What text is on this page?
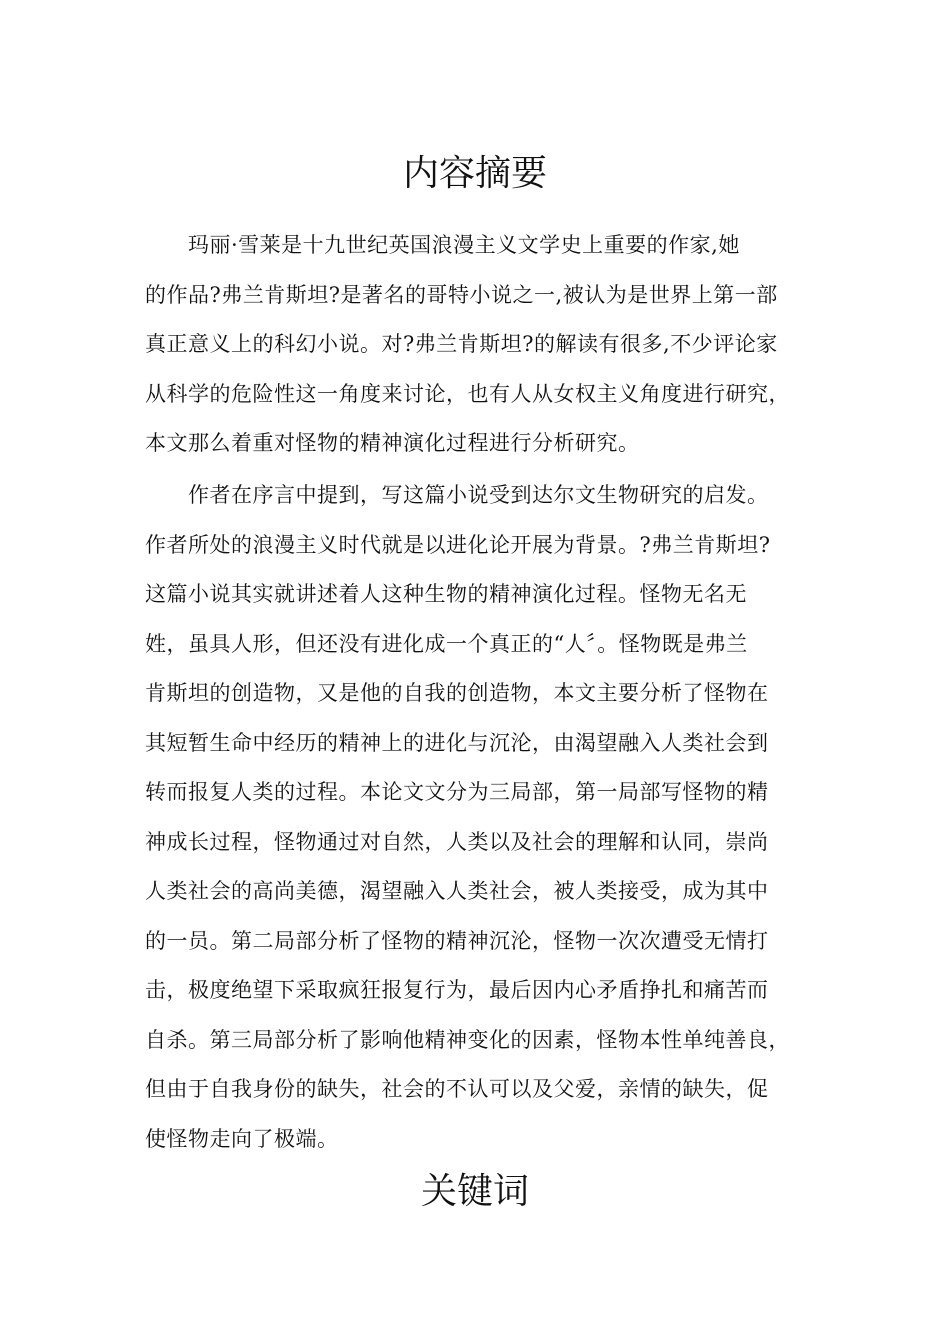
内容摘要

玛丽·雪莱是十九世纪英国浪漫主义文学史上重要的作家,她

的作品?弗兰肯斯坦?是著名的哥特小说之一,被认为是世界上第一部

真正意义上的科幻小说。对?弗兰肯斯坦?的解读有很多,不少评论家

从科学的危险性这一角度来讨论，也有人从女权主义角度进行研究，

本文那么着重对怪物的精神演化过程进行分析研究。

作者在序言中提到，写这篇小说受到达尔文生物研究的启发。

作者所处的浪漫主义时代就是以进化论开展为背景。?弗兰肯斯坦?

这篇小说其实就讲述着人这种生物的精神演化过程。怪物无名无

姓，虽具人形，但还没有进化成一个真正的“人〞。怪物既是弗兰

肯斯坦的创造物，又是他的自我的创造物，本文主要分析了怪物在

其短暂生命中经历的精神上的进化与沉沦，由渴望融入人类社会到

转而报复人类的过程。本论文文分为三局部，第一局部写怪物的精

神成长过程，怪物通过对自然，人类以及社会的理解和认同，崇尚

人类社会的高尚美德，渴望融入人类社会，被人类接受，成为其中

的一员。第二局部分析了怪物的精神沉沦，怪物一次次遭受无情打

击，极度绝望下采取疯狂报复行为，最后因内心矛盾挣扎和痛苦而

自杀。第三局部分析了影响他精神变化的因素，怪物本性单纯善良，

但由于自我身份的缺失，社会的不认可以及父爱，亲情的缺失，促

使怪物走向了极端。

关键词
